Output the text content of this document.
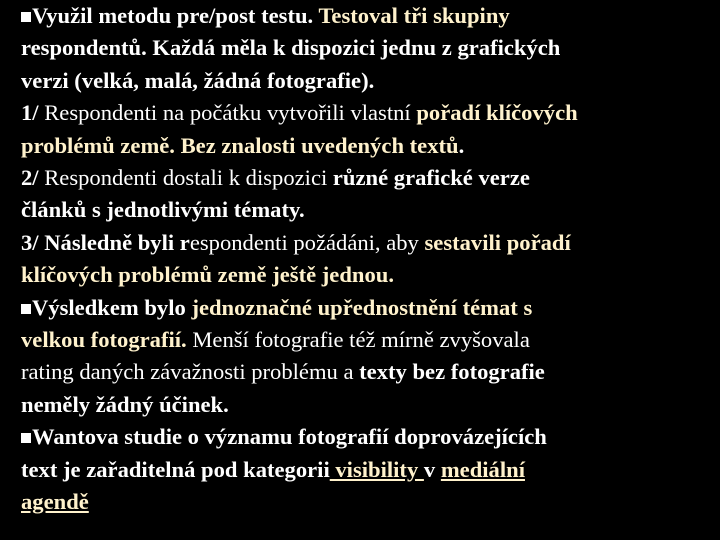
Využil metodu pre/post testu. Testoval tři skupiny
respondentů. Každá měla k dispozici jednu z grafických
verzi (velká, malá, žádná fotografie).
1/ Respondenti na počátku vytvořili vlastní pořadí klíčových
problémů země. Bez znalosti uvedených textů.
2/ Respondenti dostali k dispozici různé grafické verze
článků s jednotlivými tématy.
3/ Následně byli respondenti požádáni, aby sestavili pořadí
klíčových problémů země ještě jednou.
Výsledkem bylo jednoznačné upřednostnění témat s
velkou fotografií. Menší fotografie též mírně zvyšovala
rating daných závažnosti problému a texty bez fotografie
neměly žádný účinek.
Wantova studie o významu fotografií doprovázejících
text je zařaditelná pod kategorii visibility v mediální
agendě
